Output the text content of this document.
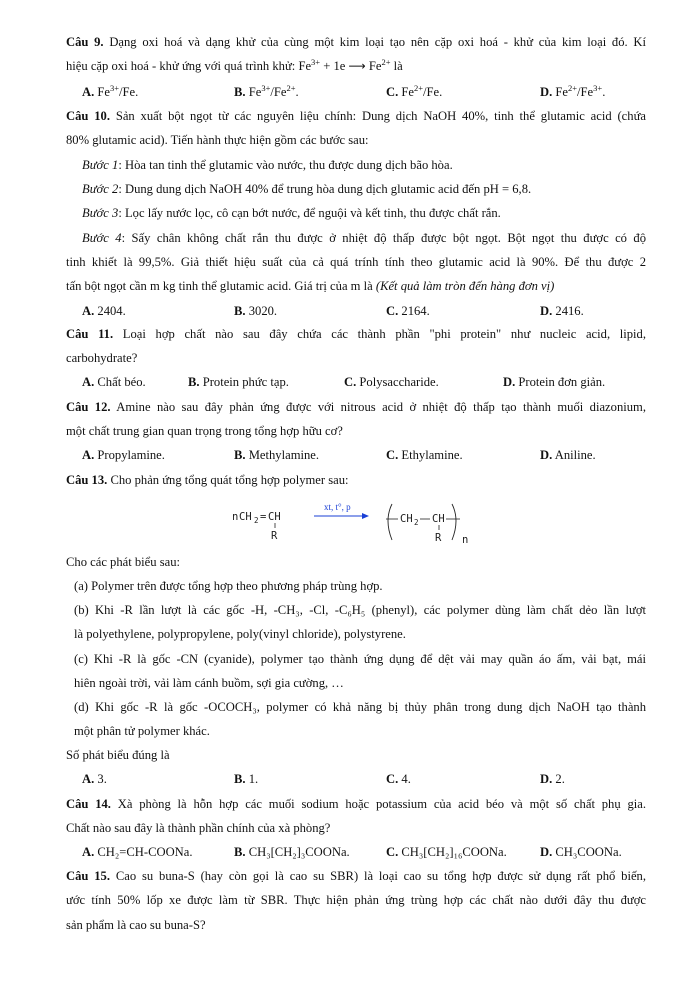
Câu 9. Dạng oxi hoá và dạng khử của cùng một kim loại tạo nên cặp oxi hoá - khử của kim loại đó. Kí
hiệu cặp oxi hoá - khử ứng với quá trình khử: $Fe^{3+} + 1e$ ⟶ $Fe^{2+}$ là
A. $Fe^{3+}/Fe$.	B. $Fe^{3+}/Fe^{2+}$.	C. $Fe^{2+}/Fe$.	D. $Fe^{2+}/Fe^{3+}$.
Câu 10. Sản xuất bột ngọt từ các nguyên liệu chính: Dung dịch NaOH 40%, tinh thể glutamic acid (chứa
80% glutamic acid). Tiến hành thực hiện gồm các bước sau:
Bước 1: Hòa tan tinh thể glutamic vào nước, thu được dung dịch bão hòa.
Bước 2: Dung dung dịch NaOH 40% để trung hòa dung dịch glutamic acid đến pH = 6,8.
Bước 3: Lọc lấy nước lọc, cô cạn bớt nước, để nguội và kết tinh, thu được chất rắn.
Bước 4: Sấy chân không chất rắn thu được ở nhiệt độ thấp được bột ngọt. Bột ngọt thu được có độ
tinh khiết là 99,5%. Giả thiết hiệu suất của cả quá trính tính theo glutamic acid là 90%. Để thu được 2
tấn bột ngọt cần m kg tinh thể glutamic acid. Giá trị của m là (Kết quả làm tròn đến hàng đơn vị)
A. 2404.	B. 3020.	C. 2164.	D. 2416.
Câu 11. Loại hợp chất nào sau đây chứa các thành phần "phi protein" như nucleic acid, lipid,
carbohydrate?
A. Chất béo.	B. Protein phức tạp.	C. Polysaccharide.	D. Protein đơn giản.
Câu 12. Amine nào sau đây phản ứng được với nitrous acid ở nhiệt độ thấp tạo thành muối diazonium,
một chất trung gian quan trọng trong tổng hợp hữu cơ?
A. Propylamine.	B. Methylamine.	C. Ethylamine.	D. Aniline.
Câu 13. Cho phản ứng tổng quát tổng hợp polymer sau:
n CH 2 = CH
R
xt, t°, p
CH 2 CH
R n
Cho các phát biểu sau:
(a) Polymer trên được tổng hợp theo phương pháp trùng hợp.
(b) Khi -R lần lượt là các gốc -H, -CH₃, -Cl, -C₆H₅ (phenyl), các polymer dùng làm chất dẻo lần lượt
là polyethylene, polypropylene, poly(vinyl chloride), polystyrene.
(c) Khi -R là gốc -CN (cyanide), polymer tạo thành ứng dụng để dệt vải may quần áo ấm, vải bạt, mái
hiên ngoài trời, vải làm cánh buồm, sợi gia cường, …
(d) Khi gốc -R là gốc -OCOCH₃, polymer có khả năng bị thủy phân trong dung dịch NaOH tạo thành
một phân tử polymer khác.
Số phát biểu đúng là
A. 3.	B. 1.	C. 4.	D. 2.
Câu 14. Xà phòng là hỗn hợp các muối sodium hoặc potassium của acid béo và một số chất phụ gia.
Chất nào sau đây là thành phần chính của xà phòng?
A. CH₂=CH-COONa.	B. CH₃[CH₂]₃COONa.	C. CH₃[CH₂]₁₆COONa.	D. CH₃COONa.
Câu 15. Cao su buna-S (hay còn gọi là cao su SBR) là loại cao su tổng hợp được sử dụng rất phổ biến,
ước tính 50% lốp xe được làm từ SBR. Thực hiện phản ứng trùng hợp các chất nào dưới đây thu được
sản phẩm là cao su buna-S?
